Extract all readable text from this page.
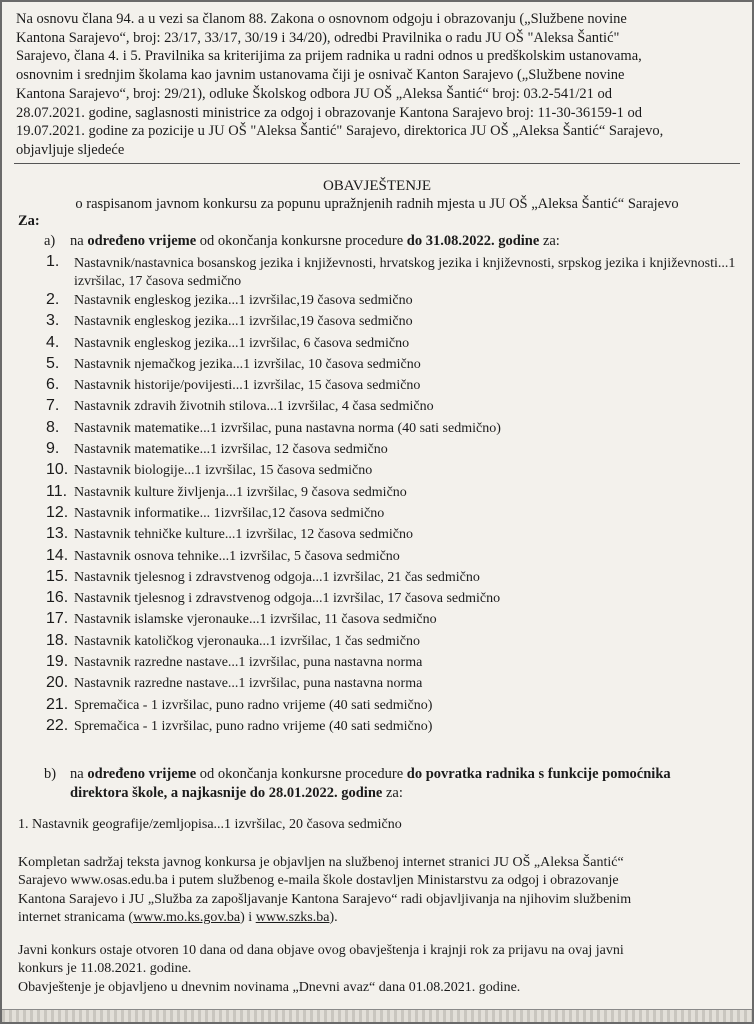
Na osnovu člana 94. a u vezi sa članom 88. Zakona o osnovnom odgoju i obrazovanju („Službene novine
Kantona Sarajevo“, broj: 23/17, 33/17, 30/19 i 34/20), odredbi Pravilnika o radu JU OŠ "Aleksa Šantić"
Sarajevo, člana 4. i 5. Pravilnika sa kriterijima za prijem radnika u radni odnos u predškolskim ustanovama,
osnovnim i srednjim školama kao javnim ustanovama čiji je osnivač Kanton Sarajevo („Službene novine
Kantona Sarajevo“, broj: 29/21), odluke Školskog odbora JU OŠ „Aleksa Šantić“ broj: 03.2-541/21 od
28.07.2021. godine, saglasnosti ministrice za odgoj i obrazovanje Kantona Sarajevo broj: 11-30-36159-1 od
19.07.2021. godine za pozicije u JU OŠ "Aleksa Šantić" Sarajevo, direktorica JU OŠ „Aleksa Šantić“ Sarajevo,
objavljuje sljedeće
OBAVJEŠTENJE
o raspisanom javnom konkursu za popunu upražnjenih radnih mjesta u JU OŠ „Aleksa Šantić“ Sarajevo
Za:
a) na određeno vrijeme od okončanja konkursne procedure do 31.08.2022. godine za:
1. Nastavnik/nastavnica bosanskog jezika i književnosti, hrvatskog jezika i književnosti, srpskog jezika i književnosti...1 izvršilac, 17 časova sedmično
2. Nastavnik engleskog jezika...1 izvršilac,19 časova sedmično
3. Nastavnik engleskog jezika...1 izvršilac,19 časova sedmično
4. Nastavnik engleskog jezika...1 izvršilac, 6 časova sedmično
5. Nastavnik njemačkog jezika...1 izvršilac, 10 časova sedmično
6. Nastavnik historije/povijesti...1 izvršilac, 15 časova sedmično
7. Nastavnik zdravih životnih stilova...1 izvršilac, 4 časa sedmično
8. Nastavnik matematike...1 izvršilac, puna nastavna norma (40 sati sedmično)
9. Nastavnik matematike...1 izvršilac, 12 časova sedmično
10. Nastavnik biologije...1 izvršilac, 15 časova sedmično
11. Nastavnik kulture življenja...1 izvršilac, 9 časova sedmično
12. Nastavnik informatike... 1izvršilac,12 časova sedmično
13. Nastavnik tehničke kulture...1 izvršilac, 12 časova sedmično
14. Nastavnik osnova tehnike...1 izvršilac, 5 časova sedmično
15. Nastavnik tjelesnog i zdravstvenog odgoja...1 izvršilac, 21 čas sedmično
16. Nastavnik tjelesnog i zdravstvenog odgoja...1 izvršilac, 17 časova sedmično
17. Nastavnik islamske vjeronauke...1 izvršilac, 11 časova sedmično
18. Nastavnik katoličkog vjeronauka...1 izvršilac, 1 čas sedmično
19. Nastavnik razredne nastave...1 izvršilac, puna nastavna norma
20. Nastavnik razredne nastave...1 izvršilac, puna nastavna norma
21. Spremačica - 1 izvršilac, puno radno vrijeme (40 sati sedmično)
22. Spremačica - 1 izvršilac, puno radno vrijeme (40 sati sedmično)
b) na određeno vrijeme od okončanja konkursne procedure do povratka radnika s funkcije pomoćnika
direktora škole, a najkasnije do 28.01.2022. godine za:
1. Nastavnik geografije/zemljopisa...1 izvršilac, 20 časova sedmično
Kompletan sadržaj teksta javnog konkursa je objavljen na službenoj internet stranici JU OŠ „Aleksa Šantić“
Sarajevo www.osas.edu.ba i putem službenog e-maila škole dostavljen Ministarstvu za odgoj i obrazovanje
Kantona Sarajevo i JU „Služba za zapošljavanje Kantona Sarajevo“ radi objavljivanja na njihovim službenim
internet stranicama (www.mo.ks.gov.ba) i www.szks.ba).
Javni konkurs ostaje otvoren 10 dana od dana objave ovog obavještenja i krajnji rok za prijavu na ovaj javni
konkurs je 11.08.2021. godine.
Obavještenje je objavljeno u dnevnim novinama „Dnevni avaz“ dana 01.08.2021. godine.
